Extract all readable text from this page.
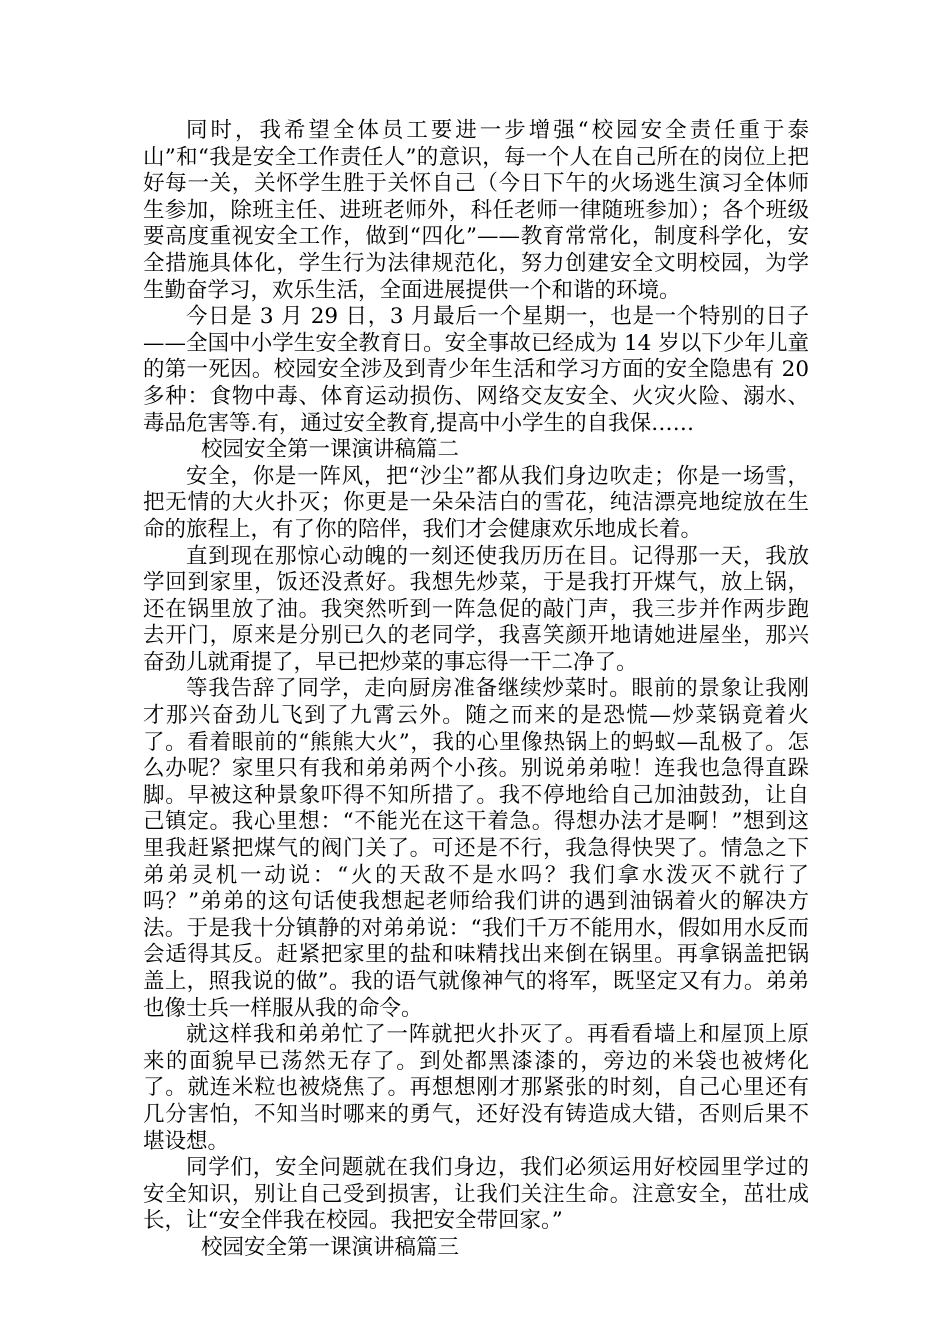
同时，我希望全体员工要进一步增强“校园安全责任重于泰山”和“我是安全工作责任人”的意识，每一个人在自己所在的岗位上把好每一关，关怀学生胜于关怀自己（今日下午的火场逃生演习全体师生参加，除班主任、进班老师外，科任老师一律随班参加）；各个班级要高度重视安全工作，做到“四化”——教育常常化，制度科学化，安全措施具体化，学生行为法律规范化，努力创建安全文明校园，为学生勤奋学习，欢乐生活，全面进展提供一个和谐的环境。

今日是 3 月 29 日，3 月最后一个星期一，也是一个特别的日子——全国中小学生安全教育日。安全事故已经成为 14 岁以下少年儿童的第一死因。校园安全涉及到青少年生活和学习方面的安全隐患有 20 多种：食物中毒、体育运动损伤、网络交友安全、火灾火险、溺水、毒品危害等.有，通过安全教育,提高中小学生的自我保……

校园安全第一课演讲稿篇二

安全，你是一阵风，把“沙尘”都从我们身边吹走；你是一场雪，把无情的大火扑灭；你更是一朵朵洁白的雪花，纯洁漂亮地绽放在生命的旅程上，有了你的陪伴，我们才会健康欢乐地成长着。

直到现在那惊心动魄的一刻还使我历历在目。记得那一天，我放学回到家里，饭还没煮好。我想先炒菜，于是我打开煤气，放上锅，还在锅里放了油。我突然听到一阵急促的敲门声，我三步并作两步跑去开门，原来是分别已久的老同学，我喜笑颜开地请她进屋坐，那兴奋劲儿就甭提了，早已把炒菜的事忘得一干二净了。

等我告辞了同学，走向厨房准备继续炒菜时。眼前的景象让我刚才那兴奋劲儿飞到了九霄云外。随之而来的是恐慌—炒菜锅竟着火了。看着眼前的“熊熊大火”，我的心里像热锅上的蚂蚁—乱极了。怎么办呢？家里只有我和弟弟两个小孩。别说弟弟啦！连我也急得直跺脚。早被这种景象吓得不知所措了。我不停地给自己加油鼓劲，让自己镇定。我心里想：“不能光在这干着急。得想办法才是啊！”想到这里我赶紧把煤气的阀门关了。可还是不行，我急得快哭了。情急之下弟弟灵机一动说：“火的天敌不是水吗？我们拿水泼灭不就行了吗？”弟弟的这句话使我想起老师给我们讲的遇到油锅着火的解决方法。于是我十分镇静的对弟弟说：“我们千万不能用水，假如用水反而会适得其反。赶紧把家里的盐和味精找出来倒在锅里。再拿锅盖把锅盖上，照我说的做”。我的语气就像神气的将军，既坚定又有力。弟弟也像士兵一样服从我的命令。

就这样我和弟弟忙了一阵就把火扑灭了。再看看墙上和屋顶上原来的面貌早已荡然无存了。到处都黑漆漆的，旁边的米袋也被烤化了。就连米粒也被烧焦了。再想想刚才那紧张的时刻，自己心里还有几分害怕，不知当时哪来的勇气，还好没有铸造成大错，否则后果不堪设想。

同学们，安全问题就在我们身边，我们必须运用好校园里学过的安全知识，别让自己受到损害，让我们关注生命。注意安全，茁壮成长，让“安全伴我在校园。我把安全带回家。”

校园安全第一课演讲稿篇三
